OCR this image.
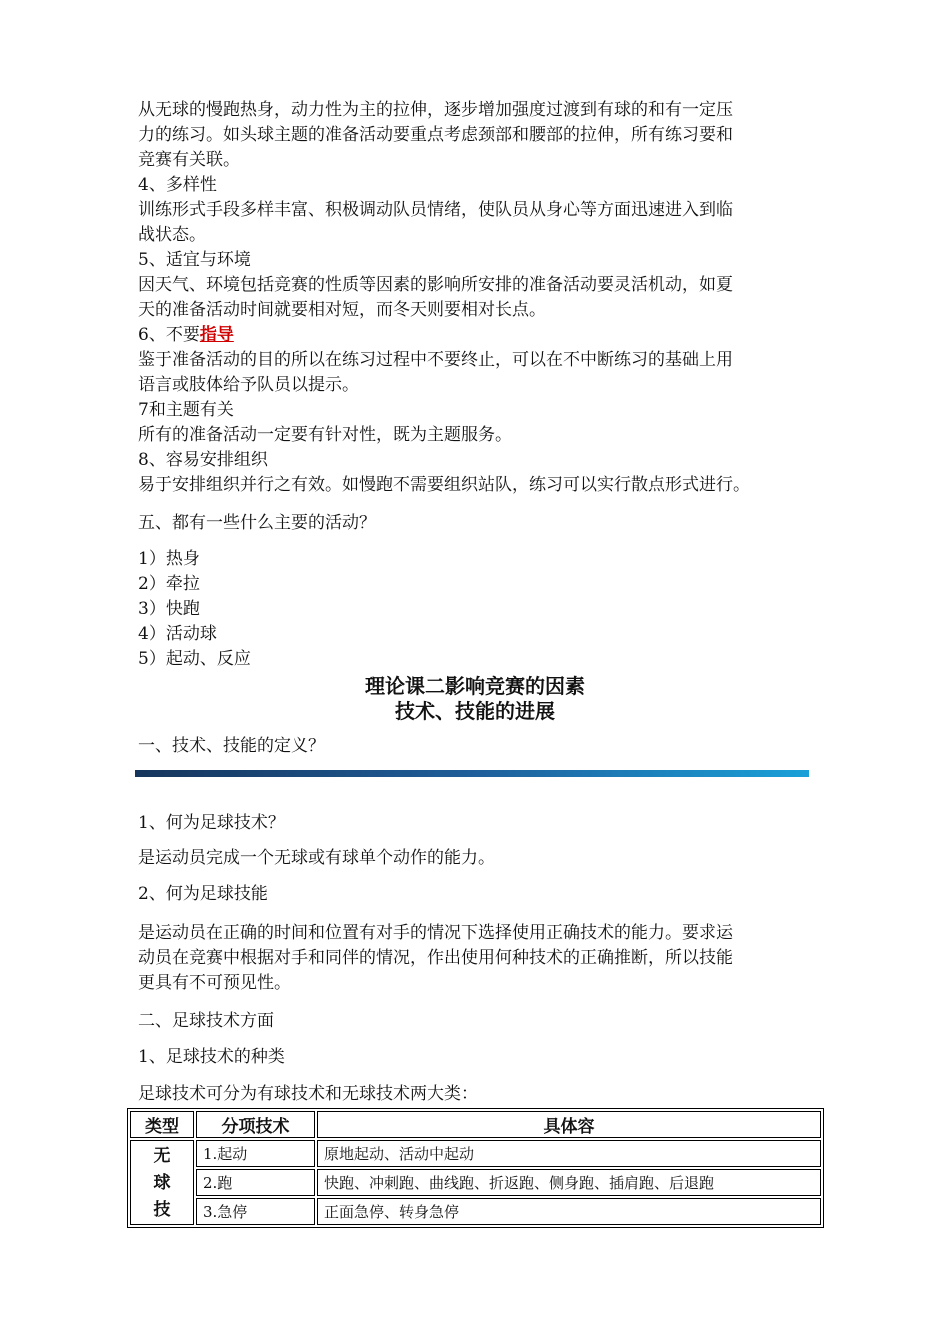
从无球的慢跑热身，动力性为主的拉伸，逐步增加强度过渡到有球的和有一定压
力的练习。如头球主题的准备活动要重点考虑颈部和腰部的拉伸，所有练习要和
竞赛有关联。
4、多样性
训练形式手段多样丰富、积极调动队员情绪，使队员从身心等方面迅速进入到临
战状态。
5、适宜与环境
因天气、环境包括竞赛的性质等因素的影响所安排的准备活动要灵活机动，如夏
天的准备活动时间就要相对短，而冬天则要相对长点。
6、不要指导
鉴于准备活动的目的所以在练习过程中不要终止，可以在不中断练习的基础上用
语言或肢体给予队员以提示。
7和主题有关
所有的准备活动一定要有针对性，既为主题服务。
8、容易安排组织
易于安排组织并行之有效。如慢跑不需要组织站队，练习可以实行散点形式进行。
五、都有一些什么主要的活动？
1）热身
2）牵拉
3）快跑
4）活动球
5）起动、反应
理论课二影响竞赛的因素
技术、技能的进展
一、技术、技能的定义？
1、何为足球技术？
是运动员完成一个无球或有球单个动作的能力。
2、何为足球技能
是运动员在正确的时间和位置有对手的情况下选择使用正确技术的能力。要求运
动员在竞赛中根据对手和同伴的情况，作出使用何种技术的正确推断，所以技能
更具有不可预见性。
二、足球技术方面
1、足球技术的种类
足球技术可分为有球技术和无球技术两大类：
类型	分项技术	具体容

无
球
技	1.起动	原地起动、活动中起动
	2.跑	快跑、冲刺跑、曲线跑、折返跑、侧身跑、插肩跑、后退跑
	3.急停	正面急停、转身急停
